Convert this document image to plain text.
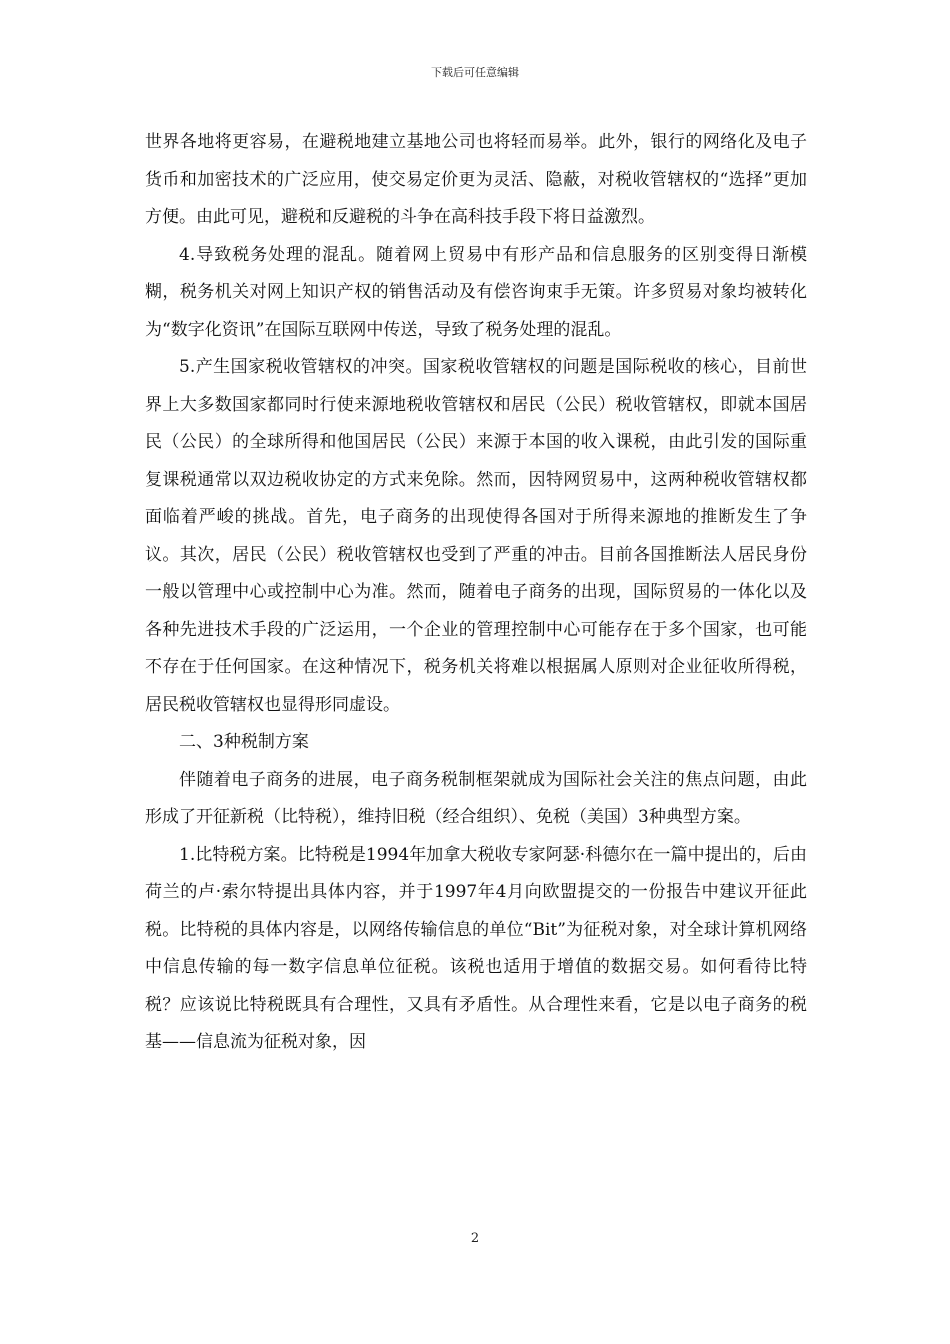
下载后可任意编辑

世界各地将更容易，在避税地建立基地公司也将轻而易举。此外，银行的网络化及电子货币和加密技术的广泛应用，使交易定价更为灵活、隐蔽，对税收管辖权的“选择”更加方便。由此可见，避税和反避税的斗争在高科技手段下将日益激烈。

4.导致税务处理的混乱。随着网上贸易中有形产品和信息服务的区别变得日渐模糊，税务机关对网上知识产权的销售活动及有偿咨询束手无策。许多贸易对象均被转化为“数字化资讯”在国际互联网中传送，导致了税务处理的混乱。

5.产生国家税收管辖权的冲突。国家税收管辖权的问题是国际税收的核心，目前世界上大多数国家都同时行使来源地税收管辖权和居民（公民）税收管辖权，即就本国居民（公民）的全球所得和他国居民（公民）来源于本国的收入课税，由此引发的国际重复课税通常以双边税收协定的方式来免除。然而，因特网贸易中，这两种税收管辖权都面临着严峻的挑战。首先，电子商务的出现使得各国对于所得来源地的推断发生了争议。其次，居民（公民）税收管辖权也受到了严重的冲击。目前各国推断法人居民身份一般以管理中心或控制中心为准。然而，随着电子商务的出现，国际贸易的一体化以及各种先进技术手段的广泛运用，一个企业的管理控制中心可能存在于多个国家，也可能不存在于任何国家。在这种情况下，税务机关将难以根据属人原则对企业征收所得税，居民税收管辖权也显得形同虚设。

二、3种税制方案

伴随着电子商务的进展，电子商务税制框架就成为国际社会关注的焦点问题，由此形成了开征新税（比特税），维持旧税（经合组织）、免税（美国）3种典型方案。

1.比特税方案。比特税是1994年加拿大税收专家阿瑟·科德尔在一篇中提出的，后由荷兰的卢·索尔特提出具体内容，并于1997年4月向欧盟提交的一份报告中建议开征此税。比特税的具体内容是，以网络传输信息的单位“Bit”为征税对象，对全球计算机网络中信息传输的每一数字信息单位征税。该税也适用于增值的数据交易。如何看待比特税？应该说比特税既具有合理性，又具有矛盾性。从合理性来看，它是以电子商务的税基——信息流为征税对象，因

2
